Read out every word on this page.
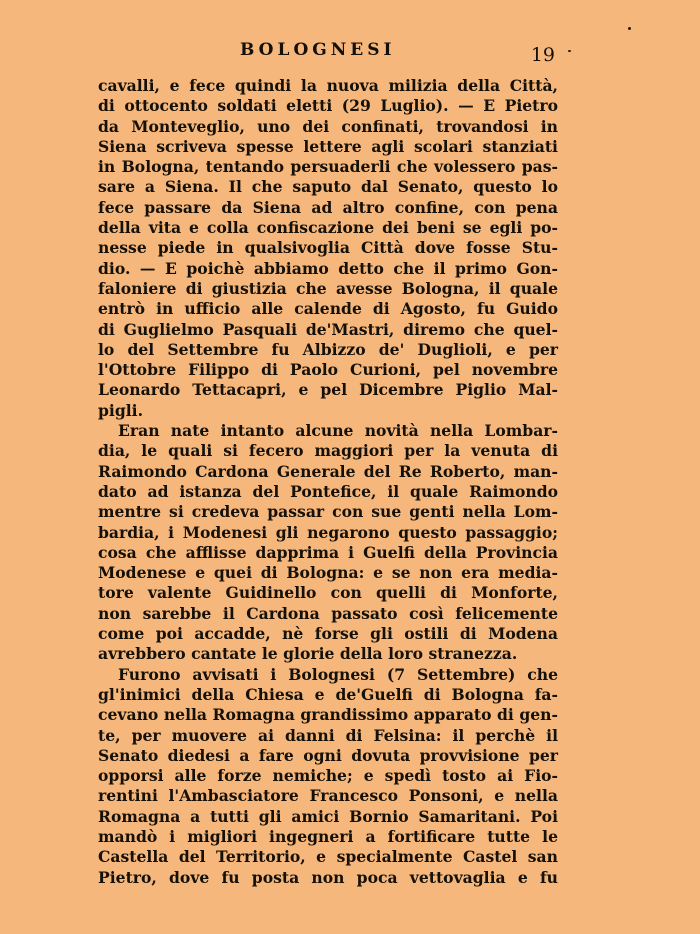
BOLOGNESI	19
cavalli, e fece quindi la nuova milizia della Città,
di ottocento soldati eletti (29 Luglio). — E Pietro
da Monteveglio, uno dei confinati, trovandosi in
Siena scriveva spesse lettere agli scolari stanziati
in Bologna, tentando persuaderli che volessero pas-
sare a Siena. Il che saputo dal Senato, questo lo
fece passare da Siena ad altro confine, con pena
della vita e colla confiscazione dei beni se egli po-
nesse piede in qualsivoglia Città dove fosse Stu-
dio. — E poichè abbiamo detto che il primo Gon-
faloniere di giustizia che avesse Bologna, il quale
entrò in ufficio alle calende di Agosto, fu Guido
di Guglielmo Pasquali de'Mastri, diremo che quel-
lo del Settembre fu Albizzo de' Duglioli, e per
l'Ottobre Filippo di Paolo Curioni, pel novembre
Leonardo Tettacapri, e pel Dicembre Piglio Mal-
pigli.
Eran nate intanto alcune novità nella Lombar-
dia, le quali si fecero maggiori per la venuta di
Raimondo Cardona Generale del Re Roberto, man-
dato ad istanza del Pontefice, il quale Raimondo
mentre si credeva passar con sue genti nella Lom-
bardia, i Modenesi gli negarono questo passaggio;
cosa che afflisse dapprima i Guelfi della Provincia
Modenese e quei di Bologna: e se non era media-
tore valente Guidinello con quelli di Monforte,
non sarebbe il Cardona passato così felicemente
come poi accadde, nè forse gli ostili di Modena
avrebbero cantate le glorie della loro stranezza.
Furono avvisati i Bolognesi (7 Settembre) che
gl'inimici della Chiesa e de'Guelfi di Bologna fa-
cevano nella Romagna grandissimo apparato di gen-
te, per muovere ai danni di Felsina: il perchè il
Senato diedesi a fare ogni dovuta provvisione per
opporsi alle forze nemiche; e spedì tosto ai Fio-
rentini l'Ambasciatore Francesco Ponsoni, e nella
Romagna a tutti gli amici Bornio Samaritani. Poi
mandò i migliori ingegneri a fortificare tutte le
Castella del Territorio, e specialmente Castel san
Pietro, dove fu posta non poca vettovaglia e fu
